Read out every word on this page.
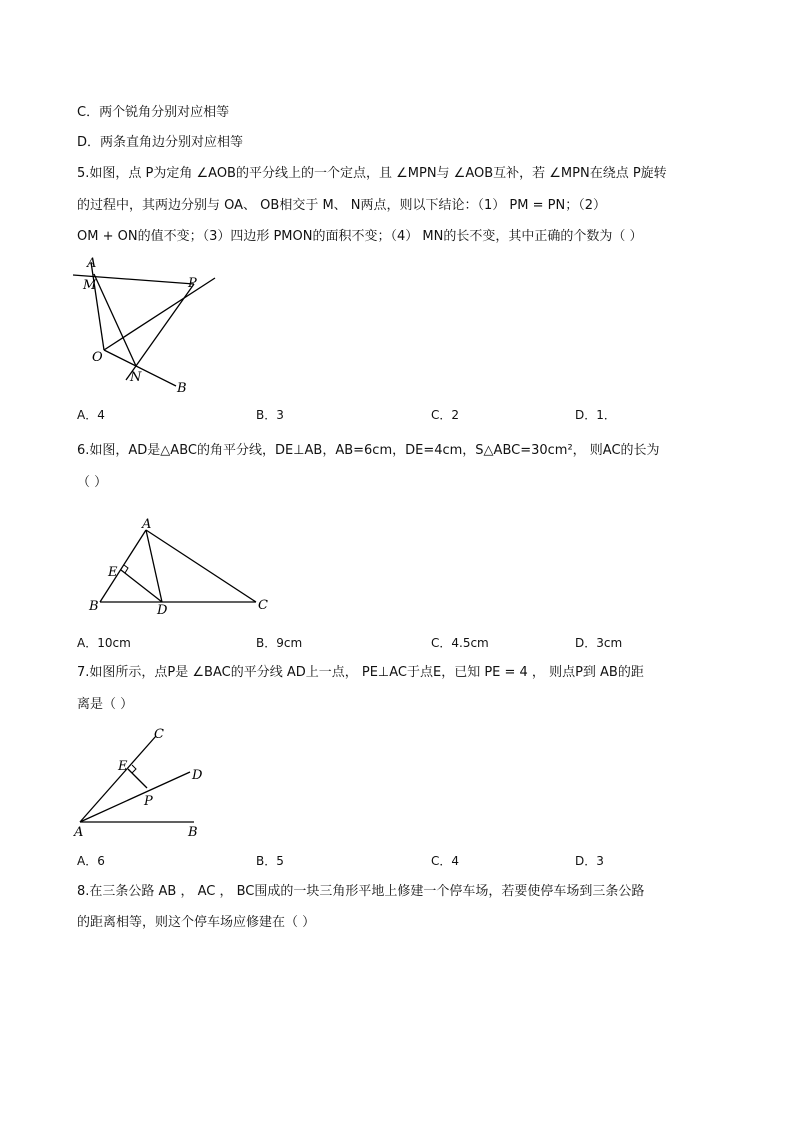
C．两个锐角分别对应相等
D．两条直角边分别对应相等
5.如图，点 P为定角 ∠AOB的平分线上的一个定点，且 ∠MPN与 ∠AOB互补，若 ∠MPN在绕点 P旋转
的过程中，其两边分别与 OA、 OB相交于 M、 N两点，则以下结论：（1） PM = PN；（2）
OM + ON的值不变；（3）四边形 PMON的面积不变；（4） MN的长不变，其中正确的个数为（ ）
A
M	P
O
N
B
A．4	B．3	C．2	D．1．
6.如图，AD是△ABC的角平分线，DE⊥AB，AB=6cm，DE=4cm，S△ABC=30cm²， 则AC的长为
（ ）
A
E
B	D	C
A．10cm	B．9cm	C．4.5cm	D．3cm
7.如图所示，点P是 ∠BAC的平分线 AD上一点， PE⊥AC于点E，已知 PE = 4 ， 则点P到 AB的距
离是（ ）
C
E
D
P
A	B
A．6	B．5	C．4	D．3
8.在三条公路 AB ， AC ， BC围成的一块三角形平地上修建一个停车场，若要使停车场到三条公路
的距离相等，则这个停车场应修建在（ ）
